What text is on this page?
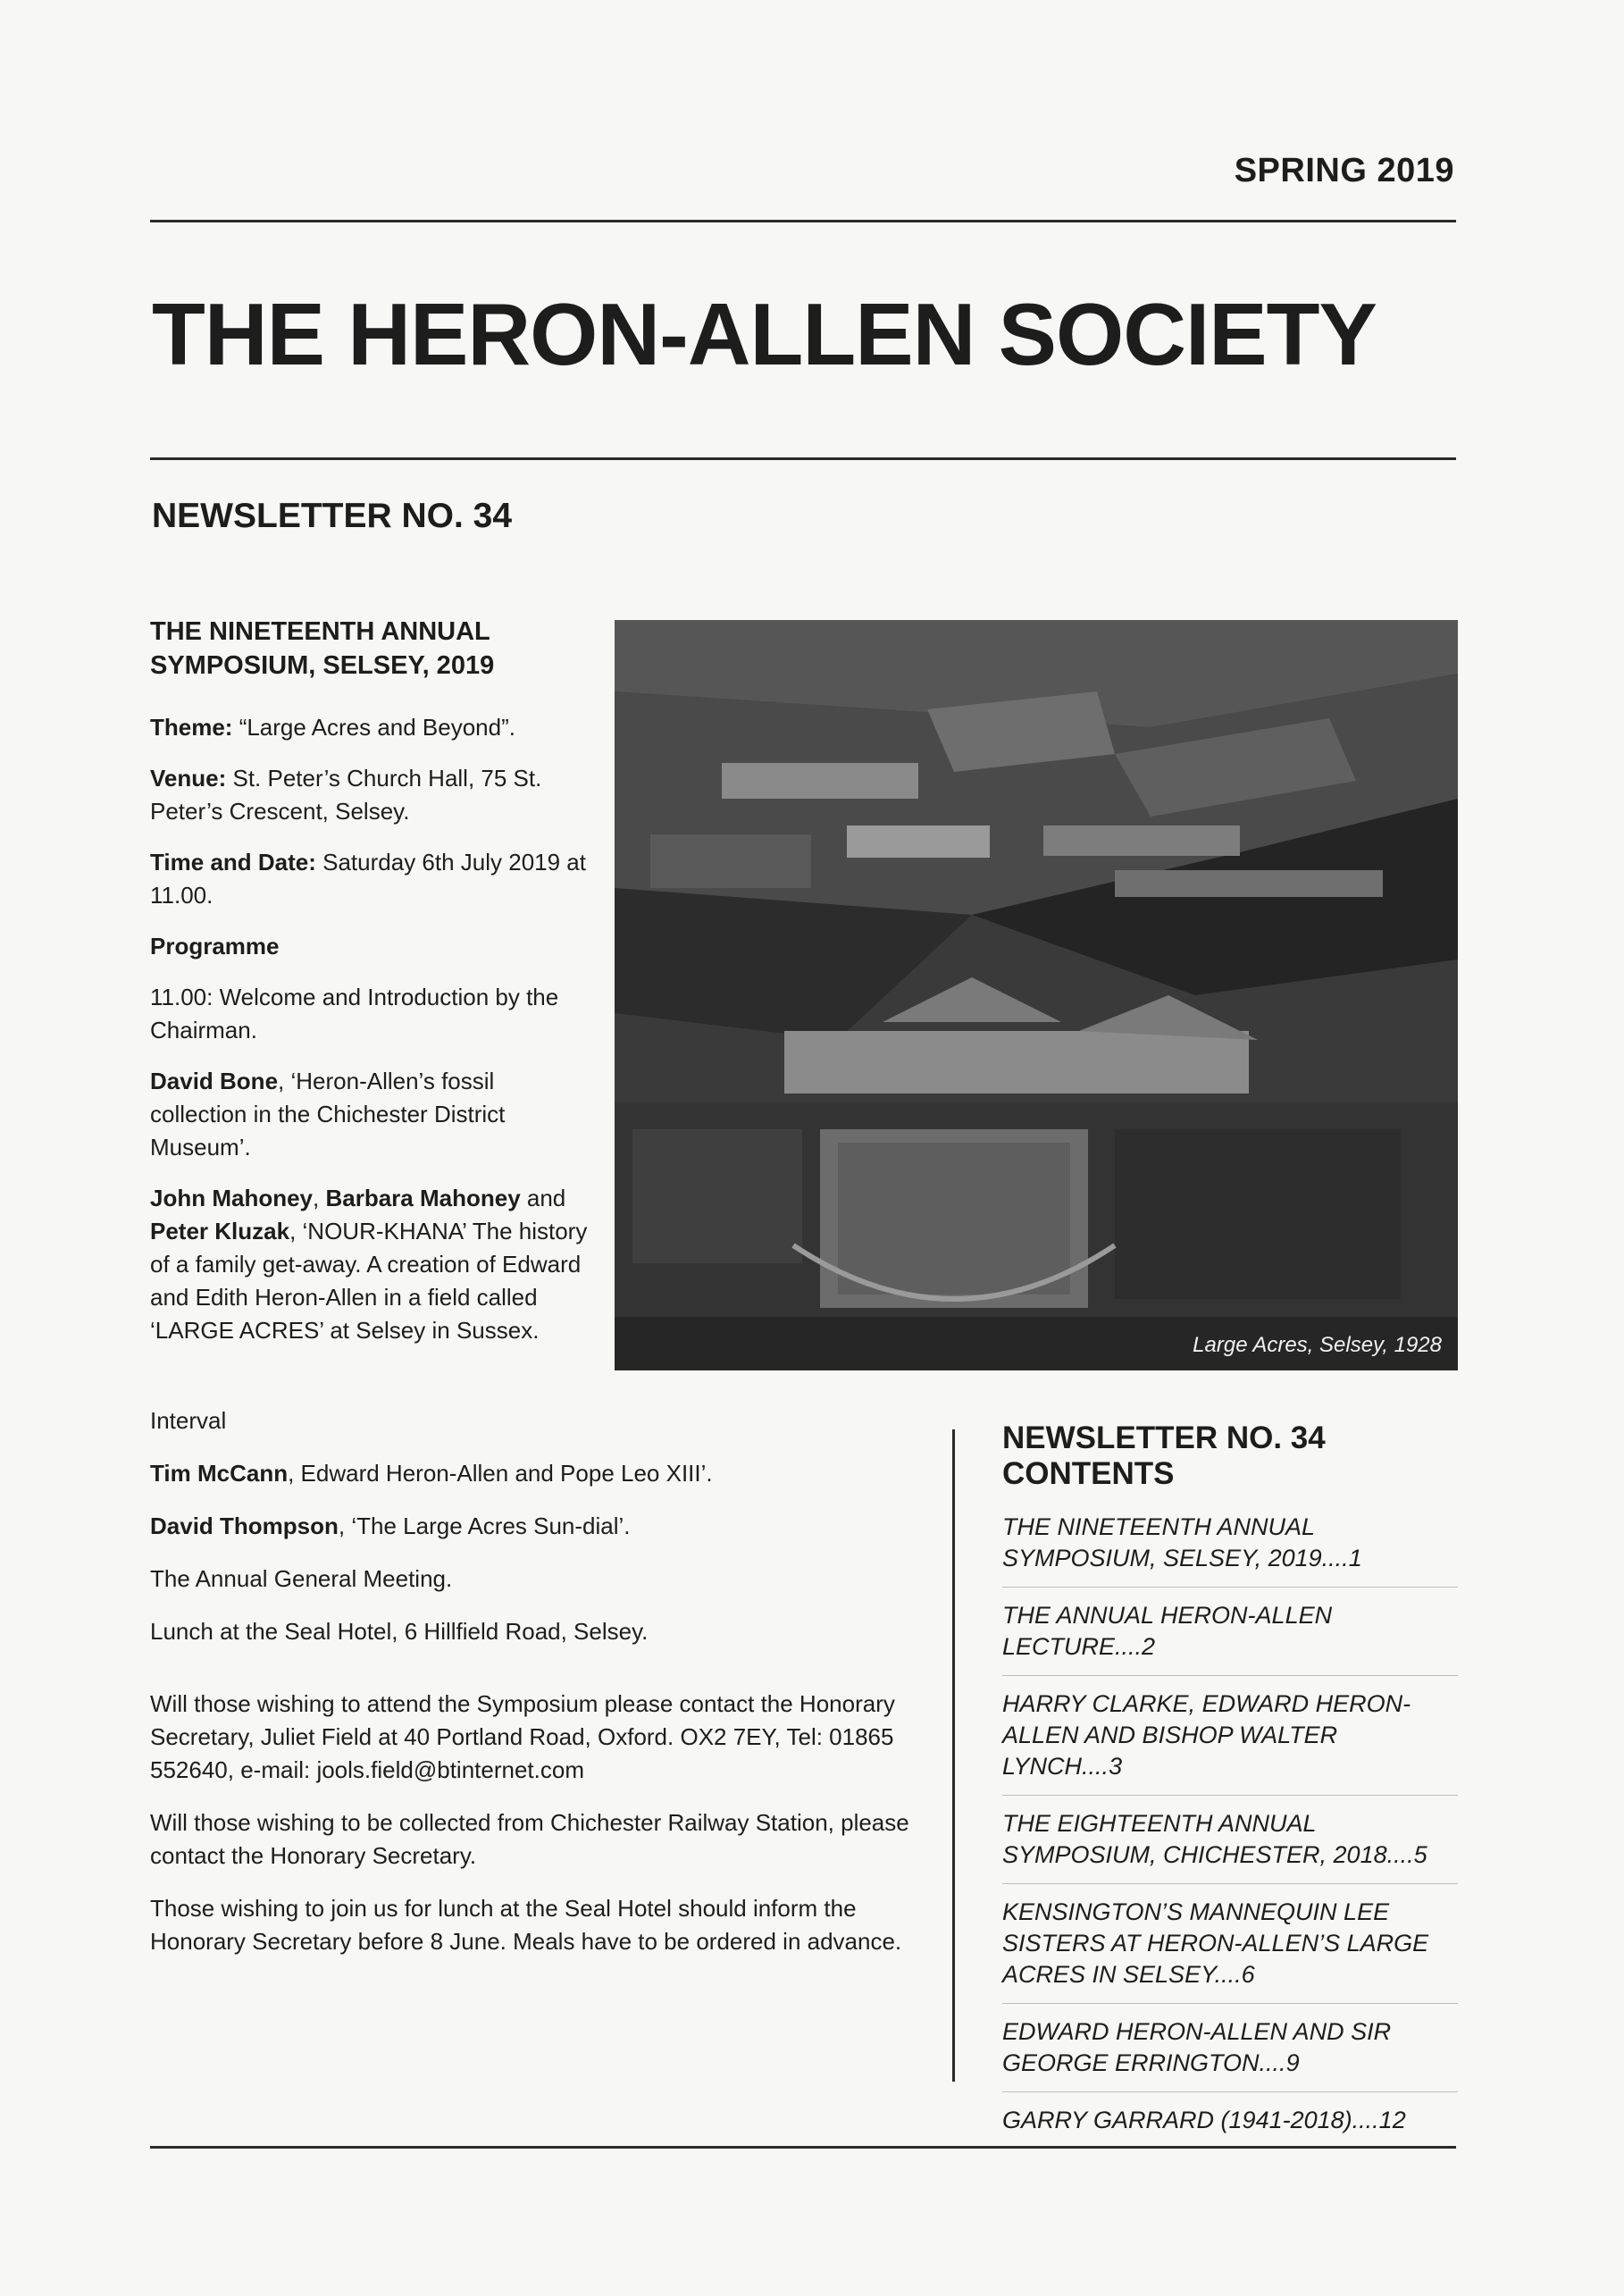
SPRING 2019
THE HERON-ALLEN SOCIETY
NEWSLETTER NO. 34

THE NINETEENTH ANNUAL
SYMPOSIUM, SELSEY, 2019

Theme: “Large Acres and Beyond”.

Venue: St. Peter’s Church Hall, 75 St. Peter’s Crescent, Selsey.

Time and Date: Saturday 6th July 2019 at 11.00.

Programme

11.00: Welcome and Introduction by the Chairman.

David Bone, ‘Heron-Allen’s fossil collection in the Chichester District Museum’.

John Mahoney, Barbara Mahoney and Peter Kluzak, ‘NOUR-KHANA’ The history of a family get-away. A creation of Edward and Edith Heron-Allen in a field called ‘LARGE ACRES’ at Selsey in Sussex.

Interval

Tim McCann, Edward Heron-Allen and Pope Leo XIII’.

David Thompson, ‘The Large Acres Sun-dial’.

The Annual General Meeting.

Lunch at the Seal Hotel, 6 Hillfield Road, Selsey.

Will those wishing to attend the Symposium please contact the Honorary Secretary, Juliet Field at 40 Portland Road, Oxford. OX2 7EY, Tel: 01865 552640, e-mail: jools.field@btinternet.com

Will those wishing to be collected from Chichester Railway Station, please contact the Honorary Secretary.

Those wishing to join us for lunch at the Seal Hotel should inform the Honorary Secretary before 8 June. Meals have to be ordered in advance.

Large Acres, Selsey, 1928
NEWSLETTER NO. 34
CONTENTS
THE NINETEENTH ANNUAL SYMPOSIUM, SELSEY, 2019....1
THE ANNUAL HERON-ALLEN LECTURE....2
HARRY CLARKE, EDWARD HERON-ALLEN AND BISHOP WALTER LYNCH....3
THE EIGHTEENTH ANNUAL SYMPOSIUM, CHICHESTER, 2018....5
KENSINGTON’S MANNEQUIN LEE SISTERS AT HERON-ALLEN’S LARGE ACRES IN SELSEY....6
EDWARD HERON-ALLEN AND SIR GEORGE ERRINGTON....9
GARRY GARRARD (1941-2018)....12
